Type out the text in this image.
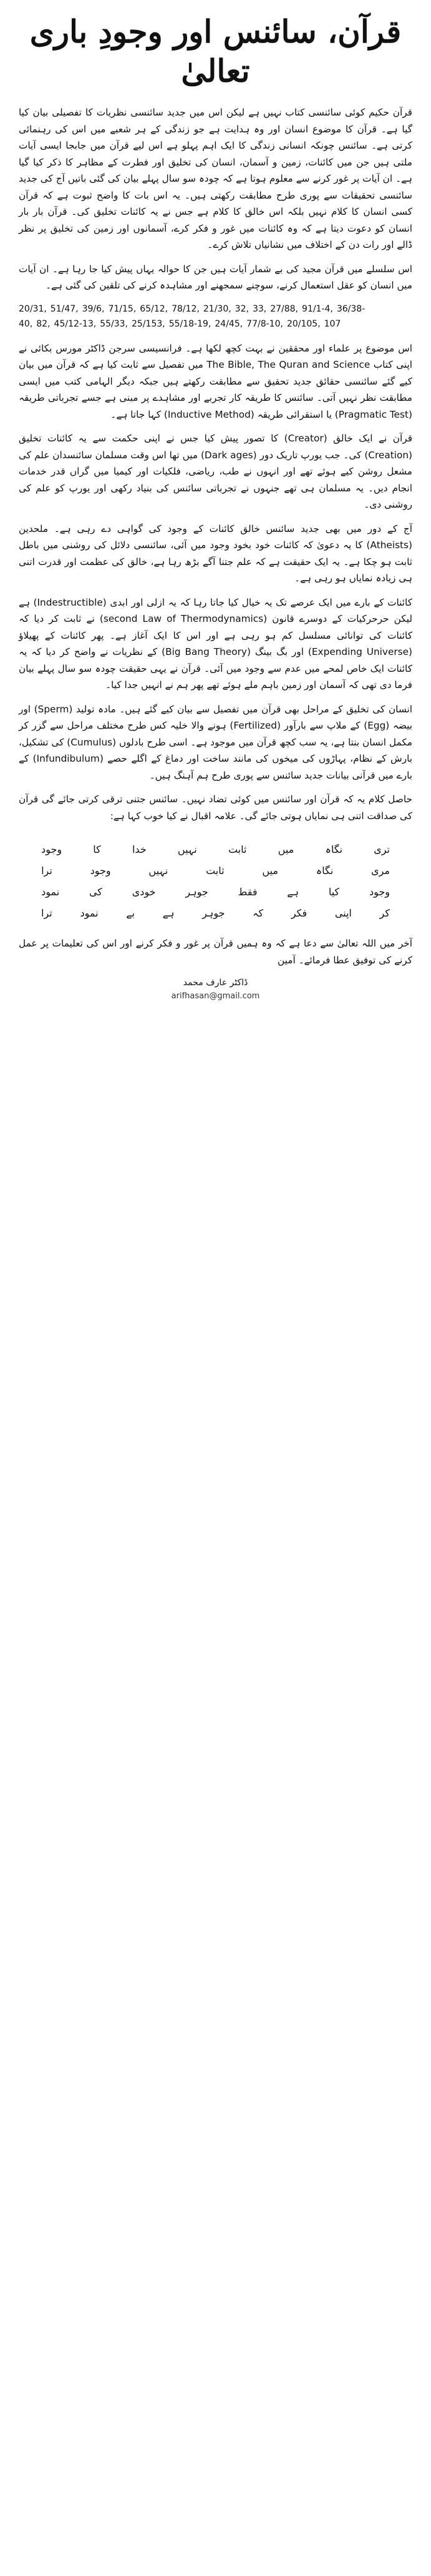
قرآن، سائنس اور وجودِ باری تعالیٰ

قرآن حکیم کوئی سائنسی کتاب نہیں ہے لیکن اس میں جدید سائنسی نظریات کا تفصیلی بیان کیا گیا ہے۔ قرآن کا موضوع انسان اور وہ ہدایت ہے جو زندگی کے ہر شعبے میں اس کی رہنمائی کرتی ہے۔ سائنس چونکہ انسانی زندگی کا ایک اہم پہلو ہے اس لیے قرآن میں جابجا ایسی آیات ملتی ہیں جن میں کائنات، زمین و آسمان، انسان کی تخلیق اور فطرت کے مظاہر کا ذکر کیا گیا ہے۔ ان آیات پر غور کرنے سے معلوم ہوتا ہے کہ چودہ سو سال پہلے بیان کی گئی باتیں آج کی جدید سائنسی تحقیقات سے پوری طرح مطابقت رکھتی ہیں۔ یہ اس بات کا واضح ثبوت ہے کہ قرآن کسی انسان کا کلام نہیں بلکہ اس خالق کا کلام ہے جس نے یہ کائنات تخلیق کی۔ قرآن بار بار انسان کو دعوت دیتا ہے کہ وہ کائنات میں غور و فکر کرے، آسمانوں اور زمین کی تخلیق پر نظر ڈالے اور رات دن کے اختلاف میں نشانیاں تلاش کرے۔

اس سلسلے میں قرآن مجید کی بے شمار آیات ہیں جن کا حوالہ یہاں پیش کیا جا رہا ہے۔ ان آیات میں انسان کو عقل استعمال کرنے، سوچنے سمجھنے اور مشاہدہ کرنے کی تلقین کی گئی ہے۔

20/31, 51/47, 39/6, 71/15, 65/12, 78/12, 21/30, 32, 33, 27/88, 91/1-4, 36/38-40, 82, 45/12-13, 55/33, 25/153, 55/18-19, 24/45, 77/8-10, 20/105, 107

اس موضوع پر علماء اور محققین نے بہت کچھ لکھا ہے۔ فرانسیسی سرجن ڈاکٹر مورس بکائی نے اپنی کتاب The Bible, The Quran and Science میں تفصیل سے ثابت کیا ہے کہ قرآن میں بیان کیے گئے سائنسی حقائق جدید تحقیق سے مطابقت رکھتے ہیں جبکہ دیگر الہامی کتب میں ایسی مطابقت نظر نہیں آتی۔ سائنس کا طریقہ کار تجربے اور مشاہدے پر مبنی ہے جسے تجرباتی طریقہ (Pragmatic Test) یا استقرائی طریقہ (Inductive Method) کہا جاتا ہے۔

قرآن نے ایک خالق (Creator) کا تصور پیش کیا جس نے اپنی حکمت سے یہ کائنات تخلیق (Creation) کی۔ جب یورپ تاریک دور (Dark ages) میں تھا اس وقت مسلمان سائنسدان علم کی مشعل روشن کیے ہوئے تھے اور انہوں نے طب، ریاضی، فلکیات اور کیمیا میں گراں قدر خدمات انجام دیں۔ یہ مسلمان ہی تھے جنہوں نے تجرباتی سائنس کی بنیاد رکھی اور یورپ کو علم کی روشنی دی۔

آج کے دور میں بھی جدید سائنس خالق کائنات کے وجود کی گواہی دے رہی ہے۔ ملحدین (Atheists) کا یہ دعویٰ کہ کائنات خود بخود وجود میں آئی، سائنسی دلائل کی روشنی میں باطل ثابت ہو چکا ہے۔ یہ ایک حقیقت ہے کہ علم جتنا آگے بڑھ رہا ہے، خالق کی عظمت اور قدرت اتنی ہی زیادہ نمایاں ہو رہی ہے۔

کائنات کے بارے میں ایک عرصے تک یہ خیال کیا جاتا رہا کہ یہ ازلی اور ابدی (Indestructible) ہے لیکن حرحرکیات کے دوسرے قانون (second Law of Thermodynamics) نے ثابت کر دیا کہ کائنات کی توانائی مسلسل کم ہو رہی ہے اور اس کا ایک آغاز ہے۔ پھر کائنات کے پھیلاؤ (Expending Universe) اور بگ بینگ (Big Bang Theory) کے نظریات نے واضح کر دیا کہ یہ کائنات ایک خاص لمحے میں عدم سے وجود میں آئی۔ قرآن نے یہی حقیقت چودہ سو سال پہلے بیان فرما دی تھی کہ آسمان اور زمین باہم ملے ہوئے تھے پھر ہم نے انہیں جدا کیا۔

انسان کی تخلیق کے مراحل بھی قرآن میں تفصیل سے بیان کیے گئے ہیں۔ مادہ تولید (Sperm) اور بیضہ (Egg) کے ملاپ سے بارآور (Fertilized) ہونے والا خلیہ کس طرح مختلف مراحل سے گزر کر مکمل انسان بنتا ہے، یہ سب کچھ قرآن میں موجود ہے۔ اسی طرح بادلوں (Cumulus) کی تشکیل، بارش کے نظام، پہاڑوں کی میخوں کی مانند ساخت اور دماغ کے اگلے حصے (Infundibulum) کے بارے میں قرآنی بیانات جدید سائنس سے پوری طرح ہم آہنگ ہیں۔

حاصل کلام یہ کہ قرآن اور سائنس میں کوئی تضاد نہیں۔ سائنس جتنی ترقی کرتی جائے گی قرآن کی صداقت اتنی ہی نمایاں ہوتی جائے گی۔ علامہ اقبال نے کیا خوب کہا ہے:

تری
نگاہ
میں
ثابت
نہیں
خدا
کا
وجود
مری
نگاہ
میں
ثابت
نہیں
وجود
ترا
وجود
کیا
ہے
فقط
جوہر
خودی
کی
نمود
کر
اپنی
فکر
کہ
جوہر
ہے
بے
نمود
ترا

آخر میں اللہ تعالیٰ سے دعا ہے کہ وہ ہمیں قرآن پر غور و فکر کرنے اور اس کی تعلیمات پر عمل کرنے کی توفیق عطا فرمائے۔ آمین

ڈاکٹر عارف محمد
arifhasan@gmail.com
